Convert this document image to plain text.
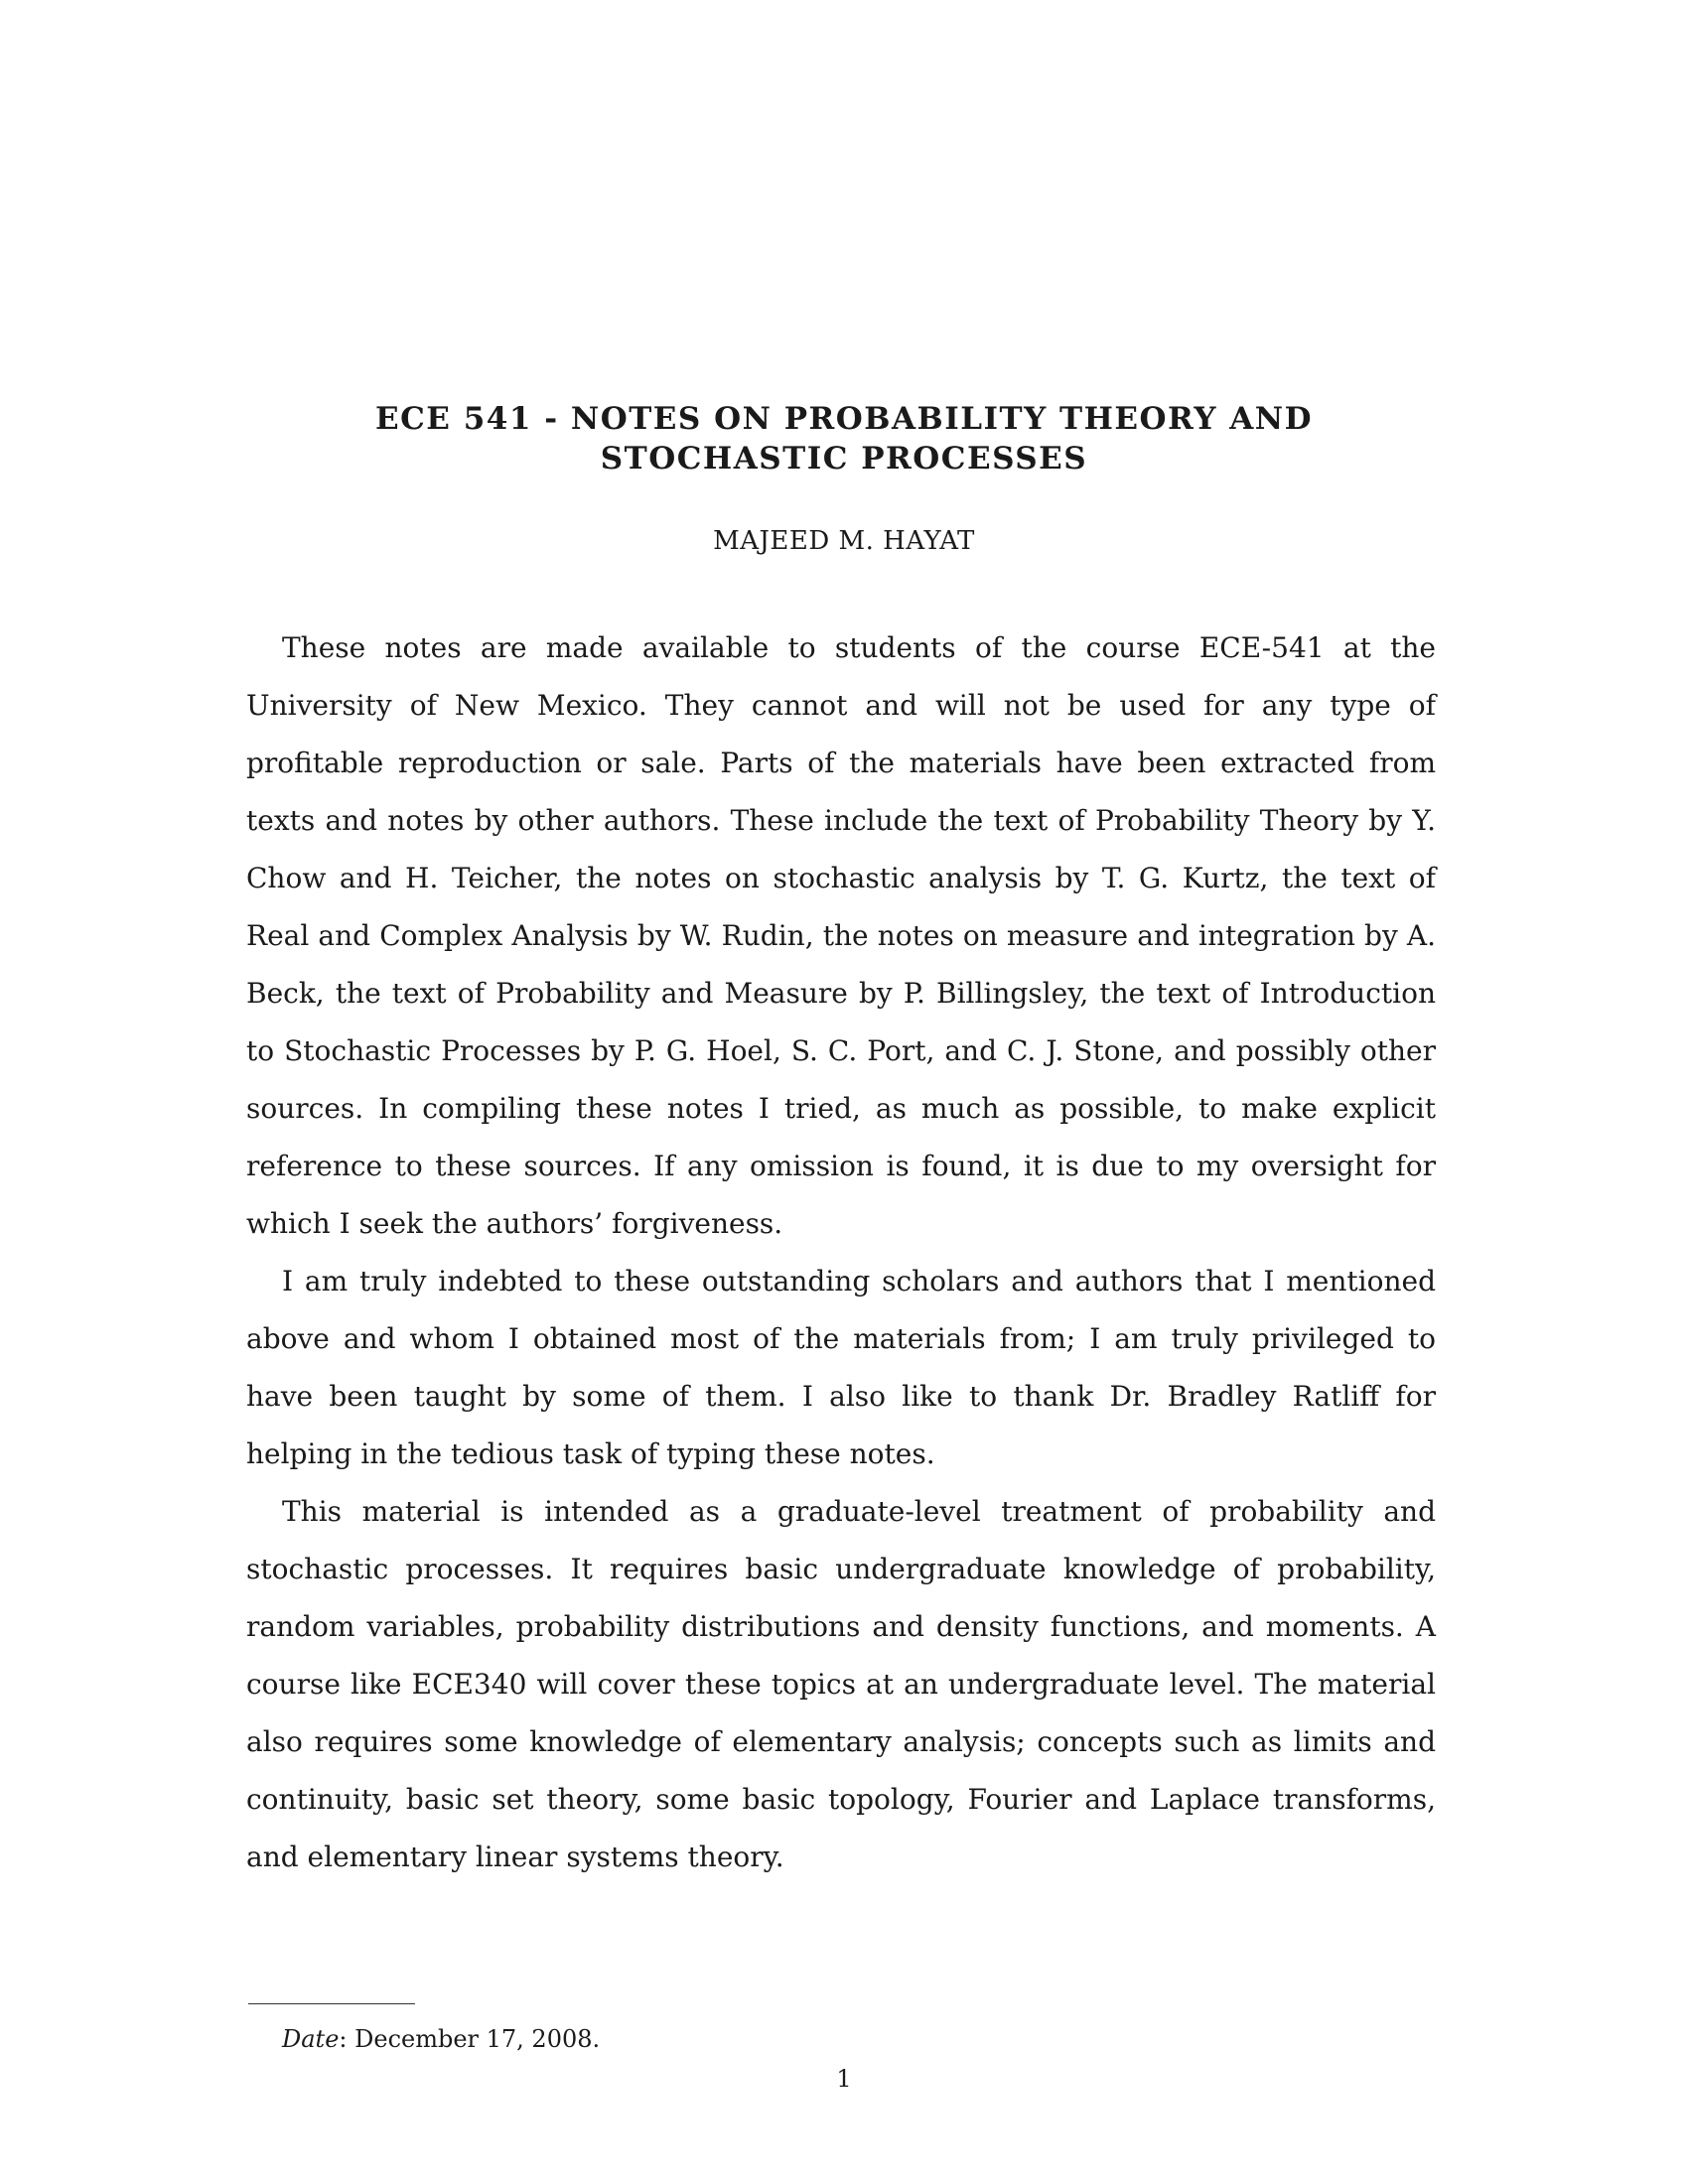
ECE 541 - NOTES ON PROBABILITY THEORY AND
STOCHASTIC PROCESSES
MAJEED M. HAYAT

These notes are made available to students of the course ECE-541 at the University of New Mexico. They cannot and will not be used for any type of profitable reproduction or sale. Parts of the materials have been extracted from texts and notes by other authors. These include the text of Probability Theory by Y. Chow and H. Teicher, the notes on stochastic analysis by T. G. Kurtz, the text of Real and Complex Analysis by W. Rudin, the notes on measure and integration by A. Beck, the text of Probability and Measure by P. Billingsley, the text of Introduction to Stochastic Processes by P. G. Hoel, S. C. Port, and C. J. Stone, and possibly other sources. In compiling these notes I tried, as much as possible, to make explicit reference to these sources. If any omission is found, it is due to my oversight for which I seek the authors’ forgiveness.

I am truly indebted to these outstanding scholars and authors that I mentioned above and whom I obtained most of the materials from; I am truly privileged to have been taught by some of them. I also like to thank Dr. Bradley Ratliff for helping in the tedious task of typing these notes.

This material is intended as a graduate-level treatment of probability and stochastic processes. It requires basic undergraduate knowledge of probability, random variables, probability distributions and density functions, and moments. A course like ECE340 will cover these topics at an undergraduate level. The material also requires some knowledge of elementary analysis; concepts such as limits and continuity, basic set theory, some basic topology, Fourier and Laplace transforms, and elementary linear systems theory.

Date: December 17, 2008.
1
